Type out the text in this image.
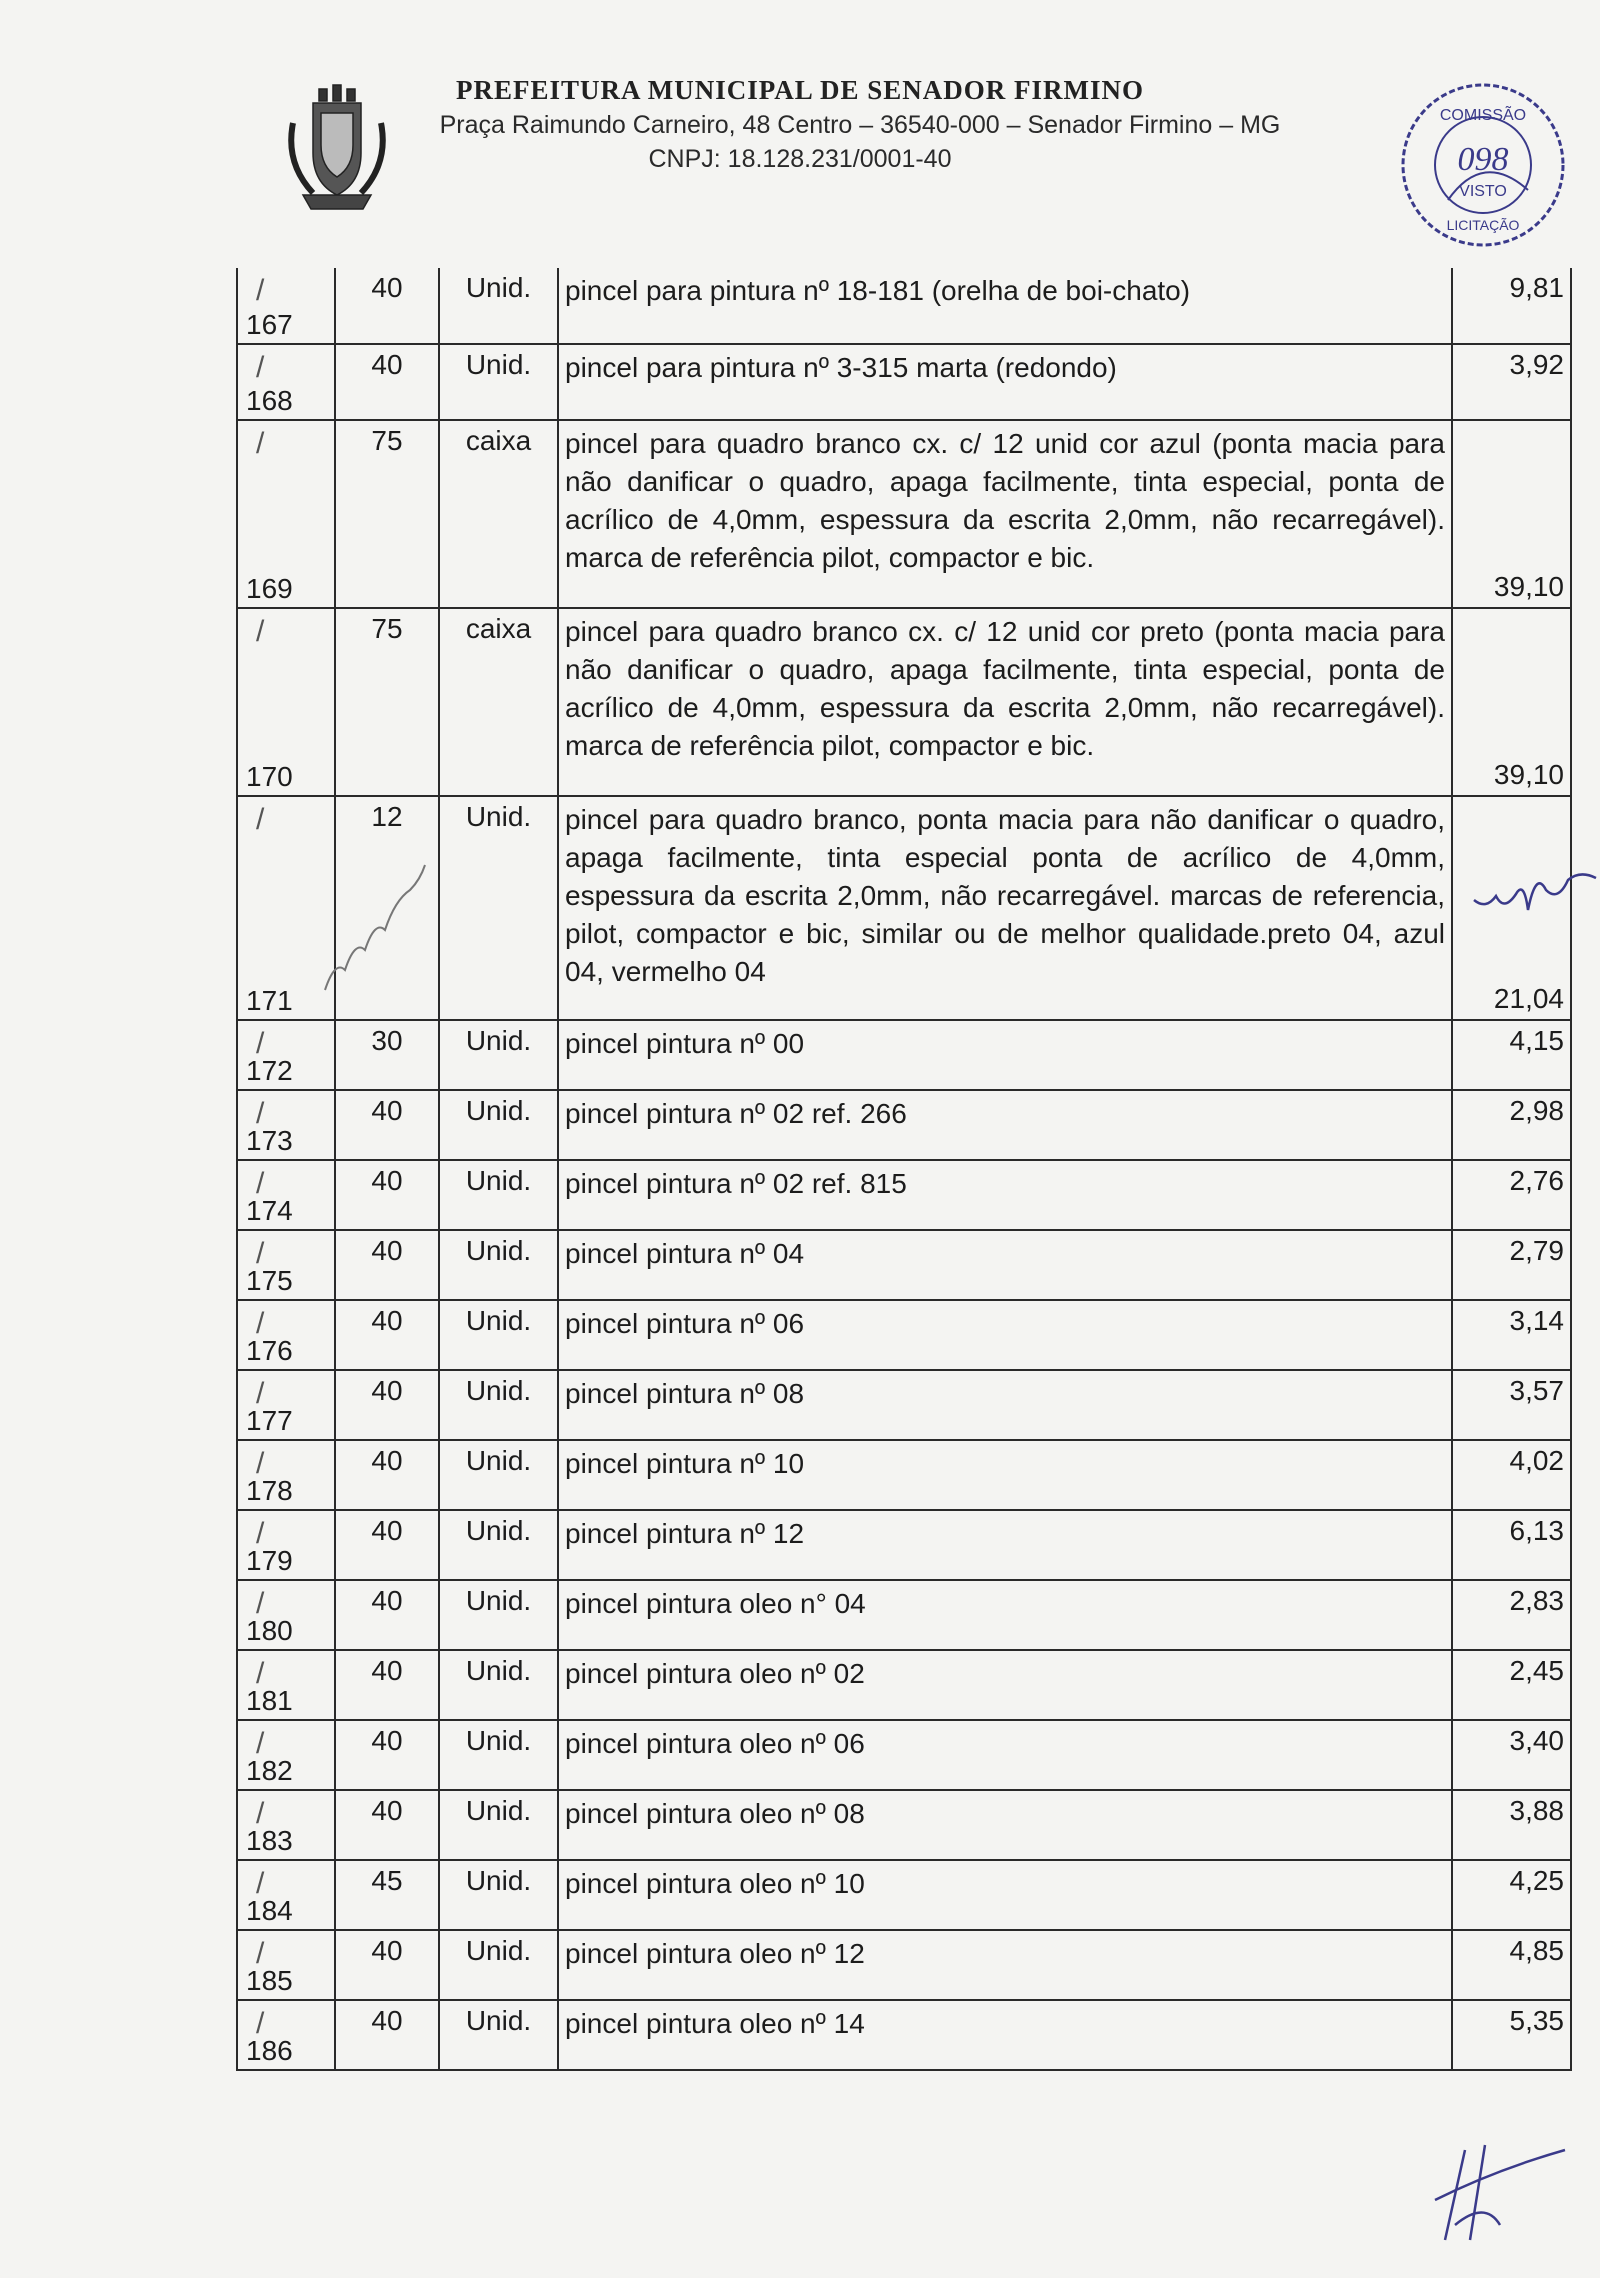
PREFEITURA MUNICIPAL DE SENADOR FIRMINO
Praça Raimundo Carneiro, 48 Centro – 36540-000 – Senador Firmino – MG
CNPJ: 18.128.231/0001-40
COMISSÃO
098
VISTO
LICITAÇÃO
/
167	40	Unid.	pincel para pintura nº 18-181 (orelha de boi-chato)	9,81

/
168	40	Unid.	pincel para pintura nº 3-315 marta (redondo)	3,92

/
169	75	caixa	pincel para quadro branco cx. c/ 12 unid cor azul (ponta macia para não danificar o quadro, apaga facilmente, tinta especial, ponta de acrílico de 4,0mm, espessura da escrita 2,0mm, não recarregável). marca de referência pilot, compactor e bic.	39,10

/
170	75	caixa	pincel para quadro branco cx. c/ 12 unid cor preto (ponta macia para não danificar o quadro, apaga facilmente, tinta especial, ponta de acrílico de 4,0mm, espessura da escrita 2,0mm, não recarregável). marca de referência pilot, compactor e bic.	39,10

/
171	12	Unid.	pincel para quadro branco, ponta macia para não danificar o quadro, apaga facilmente, tinta especial ponta de acrílico de 4,0mm, espessura da escrita 2,0mm, não recarregável. marcas de referencia, pilot, compactor e bic, similar ou de melhor qualidade.preto 04, azul 04, vermelho 04	21,04

/
172	30	Unid.	pincel pintura nº 00	4,15

/
173	40	Unid.	pincel pintura nº 02 ref. 266	2,98

/
174	40	Unid.	pincel pintura nº 02 ref. 815	2,76

/
175	40	Unid.	pincel pintura nº 04	2,79

/
176	40	Unid.	pincel pintura nº 06	3,14

/
177	40	Unid.	pincel pintura nº 08	3,57

/
178	40	Unid.	pincel pintura nº 10	4,02

/
179	40	Unid.	pincel pintura nº 12	6,13

/
180	40	Unid.	pincel pintura oleo n° 04	2,83

/
181	40	Unid.	pincel pintura oleo nº 02	2,45

/
182	40	Unid.	pincel pintura oleo nº 06	3,40

/
183	40	Unid.	pincel pintura oleo nº 08	3,88

/
184	45	Unid.	pincel pintura oleo nº 10	4,25

/
185	40	Unid.	pincel pintura oleo nº 12	4,85

/
186	40	Unid.	pincel pintura oleo nº 14	5,35
